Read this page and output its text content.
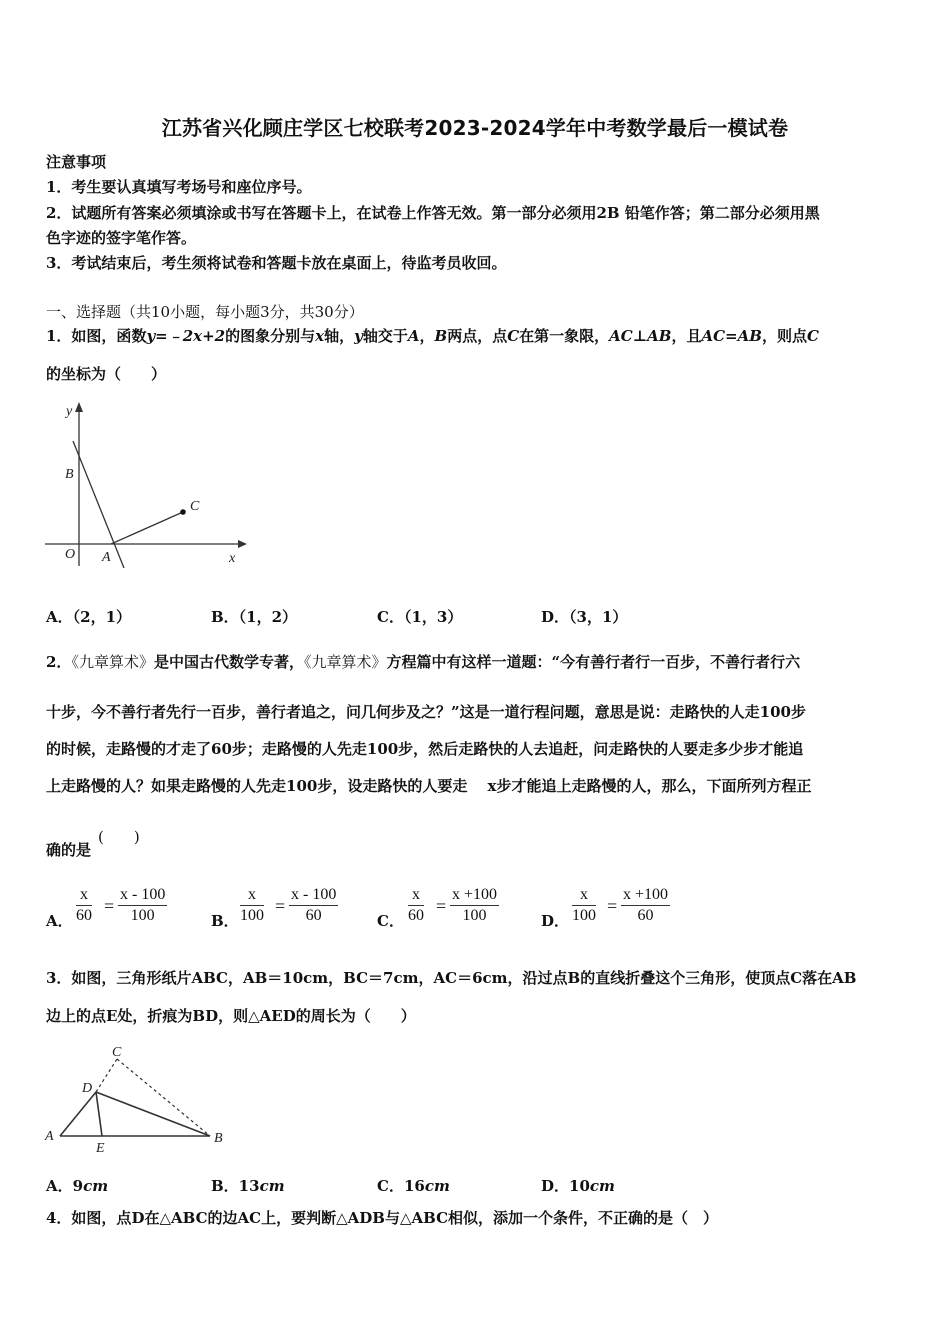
江苏省兴化顾庄学区七校联考2023-2024学年中考数学最后一模试卷
注意事项
1．考生要认真填写考场号和座位序号。
2．试题所有答案必须填涂或书写在答题卡上，在试卷上作答无效。第一部分必须用2B 铅笔作答；第二部分必须用黑
色字迹的签字笔作答。
3．考试结束后，考生须将试卷和答题卡放在桌面上，待监考员收回。
一、选择题（共10小题，每小题3分，共30分）
1．如图，函数y=﹣2x+2的图象分别与x轴，y轴交于A，B两点，点C在第一象限，AC⊥AB，且AC=AB，则点C
的坐标为（　　）
y
B
C
O A	x
A．（2，1）	B．（1，2）	C．（1，3）	D．（3，1）
2．《九章算术》是中国古代数学专著，《九章算术》方程篇中有这样一道题：“今有善行者行一百步，不善行者行六
十步，今不善行者先行一百步，善行者追之，问几何步及之？”这是一道行程问题，意思是说：走路快的人走100步
的时候，走路慢的才走了60步；走路慢的人先走100步，然后走路快的人去追赶，问走路快的人要走多少步才能追
上走路慢的人？如果走路慢的人先走100步，设走路快的人要走　 x步才能追上走路慢的人，那么，下面所列方程正
确的是
(　　)
A． $\frac{x}{60} = \frac{x - 100}{100}$	B． $\frac{x}{100} = \frac{x - 100}{60}$	C． $\frac{x}{60} = \frac{x +100}{100}$	D． $\frac{x}{100} = \frac{x +100}{60}$
3．如图，三角形纸片ABC，AB＝10cm，BC＝7cm，AC＝6cm，沿过点B的直线折叠这个三角形，使顶点C落在AB
边上的点E处，折痕为BD，则△AED的周长为（　　）
C
D
A
E
B
A．9cm	B．13cm	C．16cm	D．10cm
4．如图，点D在△ABC的边AC上，要判断△ADB与△ABC相似，添加一个条件，不正确的是（　）
